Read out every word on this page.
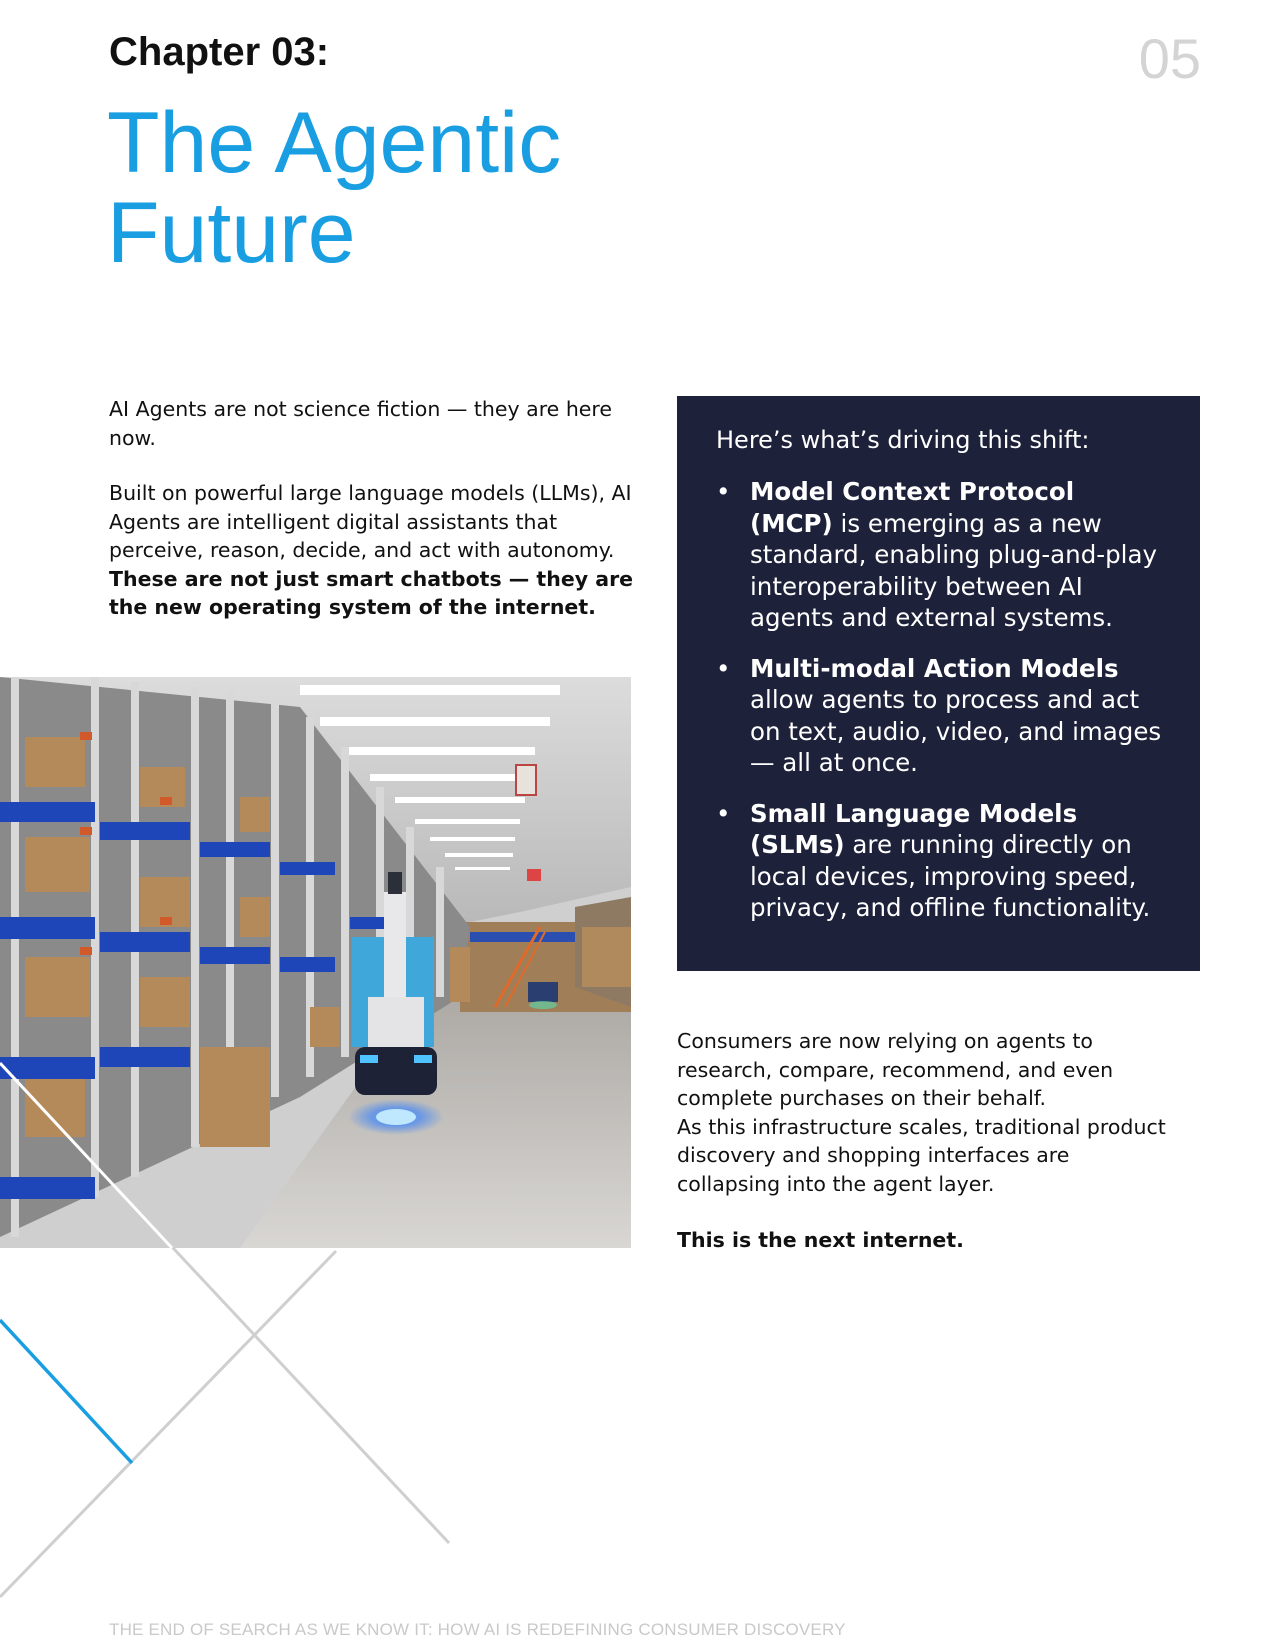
Chapter 03:	05
The Agentic
Future

AI Agents are not science fiction — they are here now.

Built on powerful large language models (LLMs), AI Agents are intelligent digital assistants that perceive, reason, decide, and act with autonomy. These are not just smart chatbots — they are the new operating system of the internet.

Here’s what’s driving this shift:
• Model Context Protocol (MCP) is emerging as a new standard, enabling plug-and-play interoperability between AI agents and external systems.
• Multi-modal Action Models allow agents to process and act on text, audio, video, and images — all at once.
• Small Language Models (SLMs) are running directly on local devices, improving speed, privacy, and offline functionality.

Consumers are now relying on agents to research, compare, recommend, and even complete purchases on their behalf.

As this infrastructure scales, traditional product discovery and shopping interfaces are collapsing into the agent layer.

This is the next internet.

THE END OF SEARCH AS WE KNOW IT: HOW AI IS REDEFINING CONSUMER DISCOVERY
